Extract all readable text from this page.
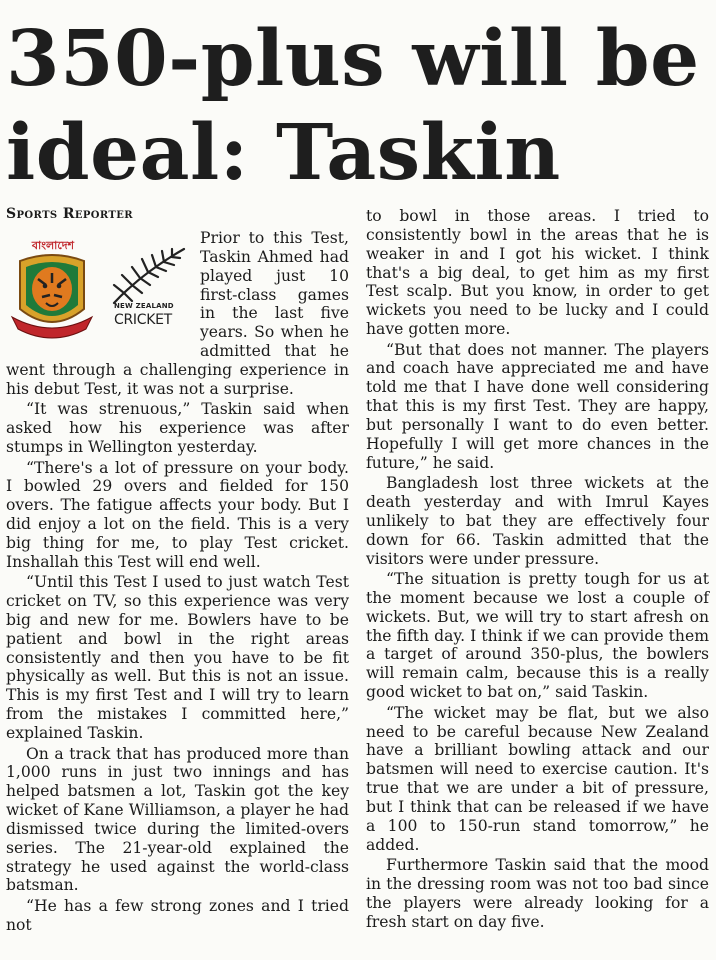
350-plus will be ideal: Taskin
Sports Reporter
বাংলাদেশ
NEW ZEALAND
CRICKET

Prior to this Test, Taskin Ahmed had played just 10 first-class games in the last five years. So when he admitted that he went through a challenging experience in his debut Test, it was not a surprise.

“It was strenuous,” Taskin said when asked how his experience was after stumps in Wellington yesterday.

“There's a lot of pressure on your body. I bowled 29 overs and fielded for 150 overs. The fatigue affects your body. But I did enjoy a lot on the field. This is a very big thing for me, to play Test cricket. Inshallah this Test will end well.

“Until this Test I used to just watch Test cricket on TV, so this experience was very big and new for me. Bowlers have to be patient and bowl in the right areas consistently and then you have to be fit physically as well. But this is not an issue. This is my first Test and I will try to learn from the mistakes I committed here,” explained Taskin.

On a track that has produced more than 1,000 runs in just two innings and has helped batsmen a lot, Taskin got the key wicket of Kane Williamson, a player he had dismissed twice during the limited-overs series. The 21-year-old explained the strategy he used against the world-class batsman.

“He has a few strong zones and I tried not

to bowl in those areas. I tried to consistently bowl in the areas that he is weaker in and I got his wicket. I think that's a big deal, to get him as my first Test scalp. But you know, in order to get wickets you need to be lucky and I could have gotten more.

“But that does not manner. The players and coach have appreciated me and have told me that I have done well considering that this is my first Test. They are happy, but personally I want to do even better. Hopefully I will get more chances in the future,” he said.

Bangladesh lost three wickets at the death yesterday and with Imrul Kayes unlikely to bat they are effectively four down for 66. Taskin admitted that the visitors were under pressure.

“The situation is pretty tough for us at the moment because we lost a couple of wickets. But, we will try to start afresh on the fifth day. I think if we can provide them a target of around 350-plus, the bowlers will remain calm, because this is a really good wicket to bat on,” said Taskin.

“The wicket may be flat, but we also need to be careful because New Zealand have a brilliant bowling attack and our batsmen will need to exercise caution. It's true that we are under a bit of pressure, but I think that can be released if we have a 100 to 150-run stand tomorrow,” he added.

Furthermore Taskin said that the mood in the dressing room was not too bad since the players were already looking for a fresh start on day five.
